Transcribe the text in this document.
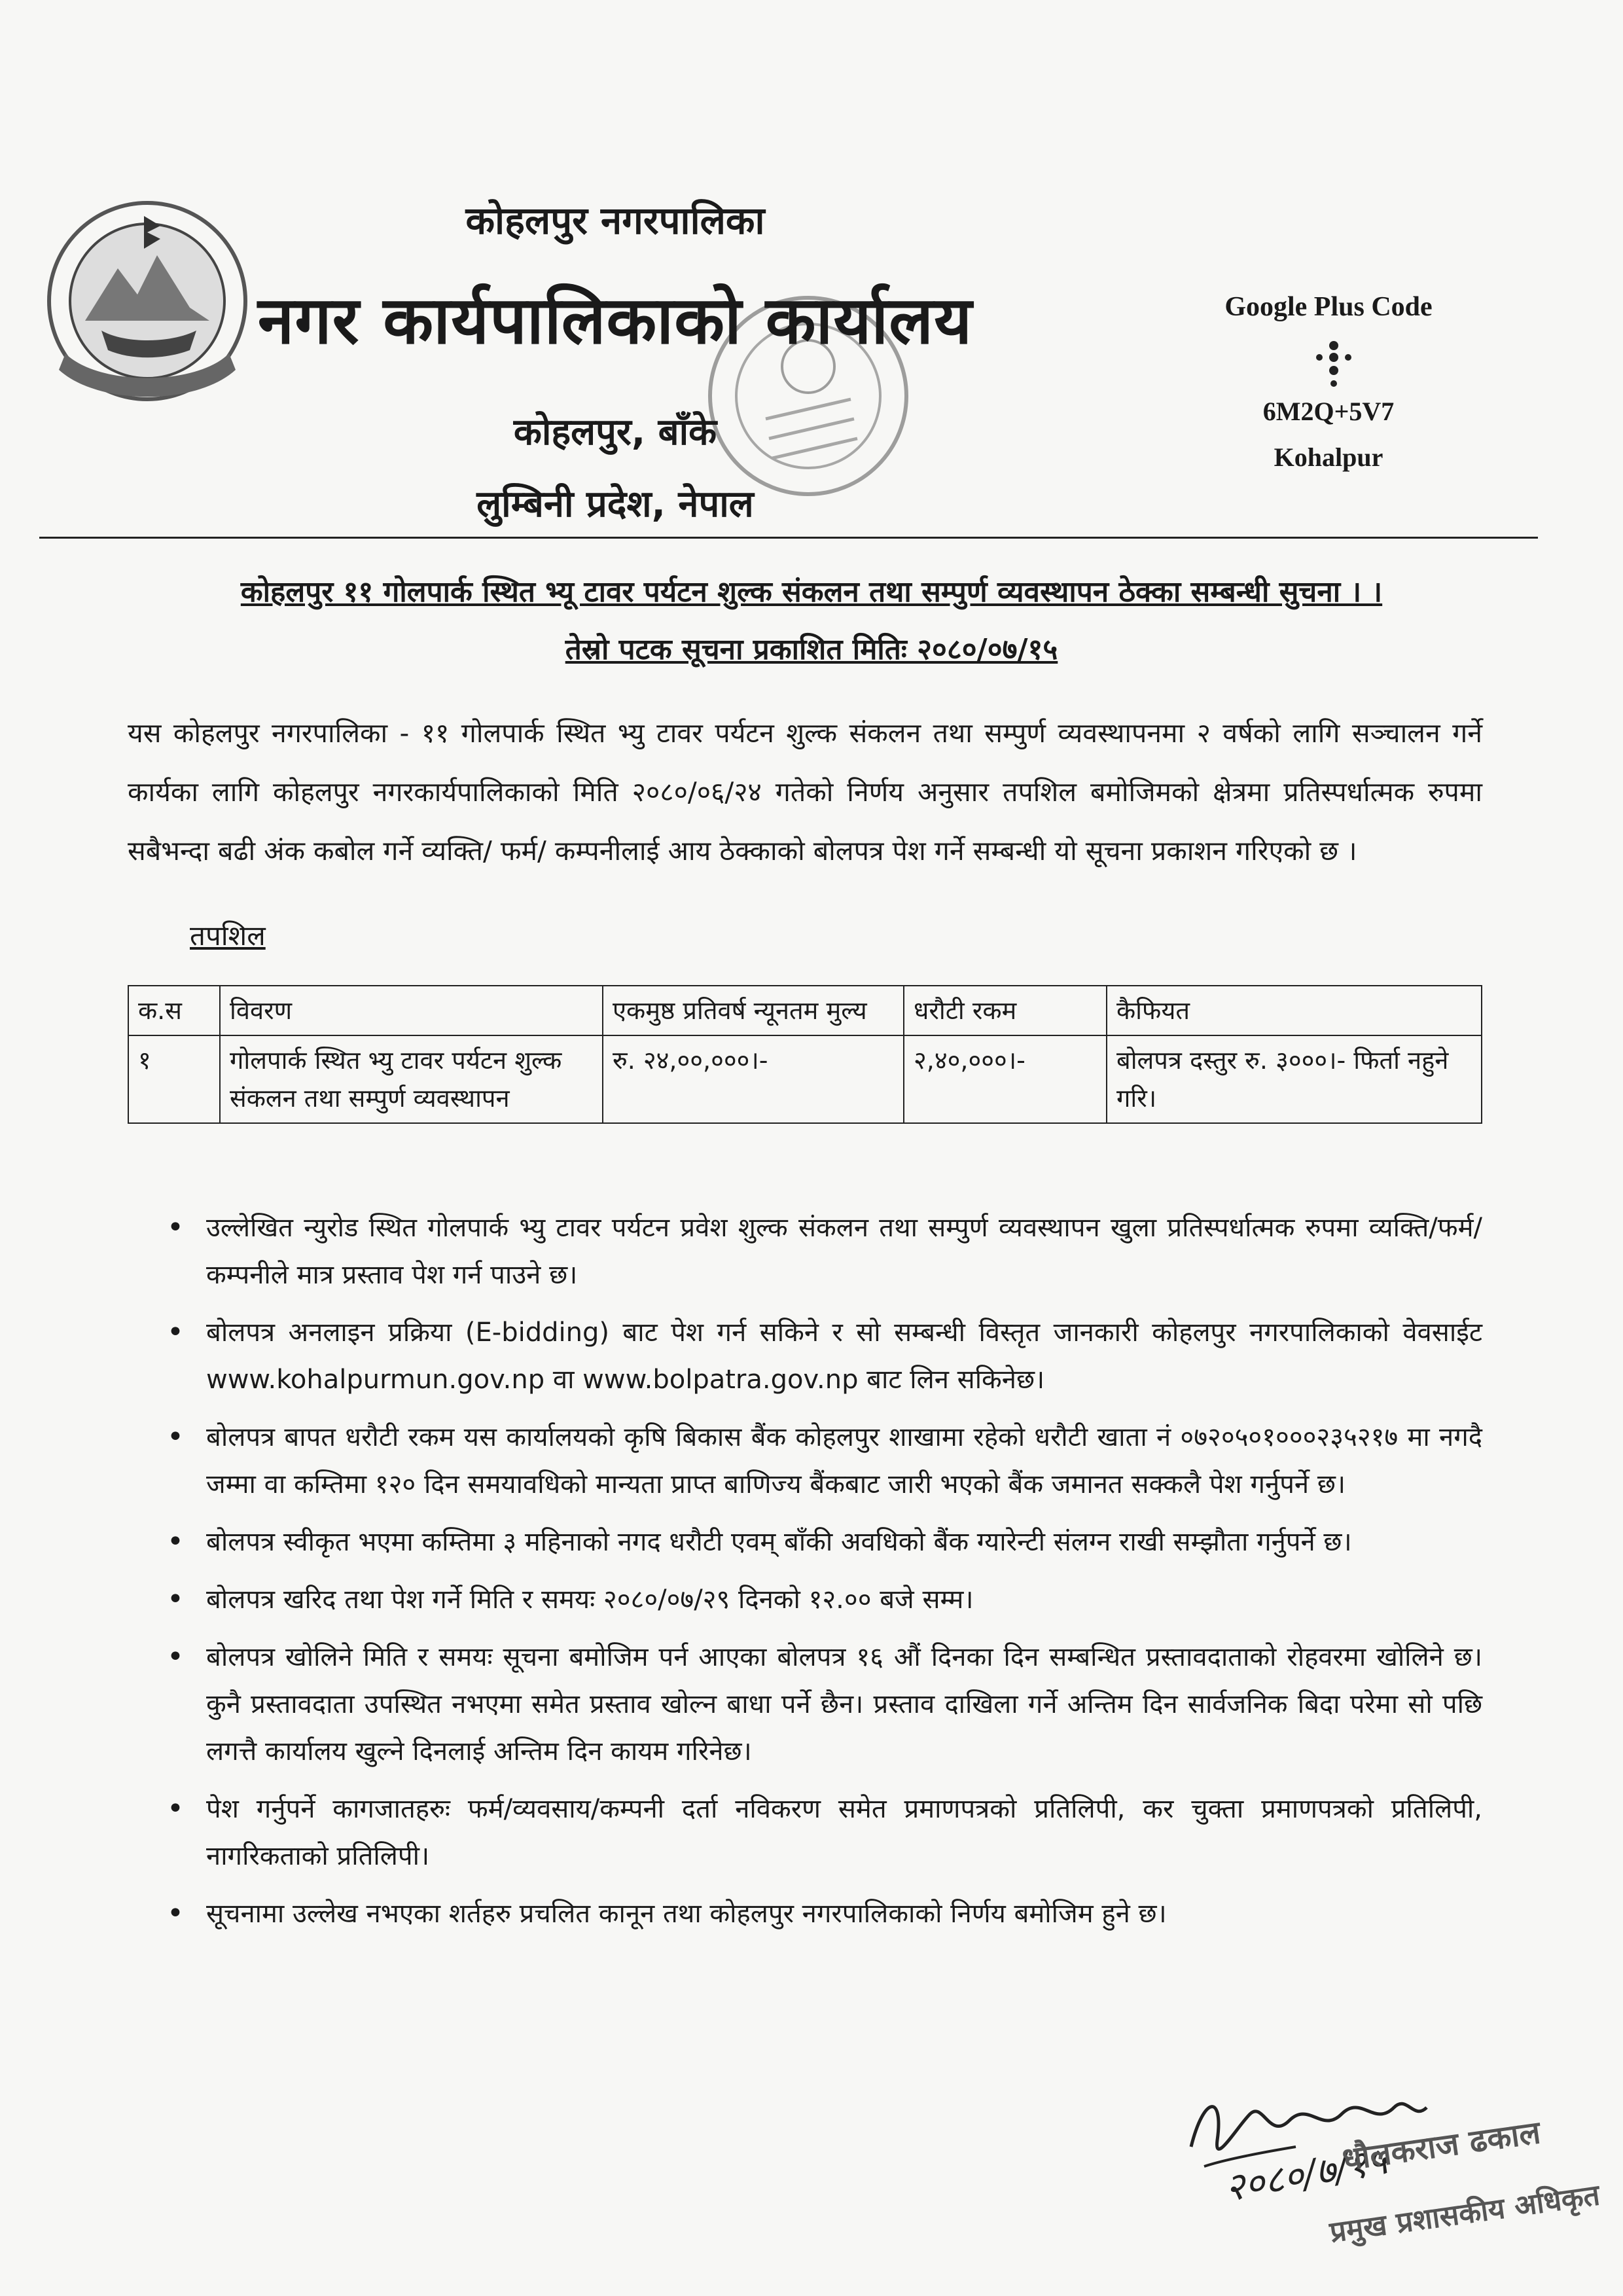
कोहलपुर नगरपालिका
नगर कार्यपालिकाको कार्यालय
कोहलपुर, बाँके
लुम्बिनी प्रदेश, नेपाल
Google Plus Code
6M2Q+5V7
Kohalpur
कोहलपुर ११ गोलपार्क स्थित भ्यू टावर पर्यटन शुल्क संकलन तथा सम्पुर्ण व्यवस्थापन ठेक्का सम्बन्धी सुचना । ।
तेस्रो पटक सूचना प्रकाशित मितिः २०८०/०७/१५
यस कोहलपुर नगरपालिका - ११ गोलपार्क स्थित भ्यु टावर पर्यटन शुल्क संकलन तथा सम्पुर्ण व्यवस्थापनमा २ वर्षको लागि सञ्चालन गर्ने कार्यका लागि कोहलपुर नगरकार्यपालिकाको मिति २०८०/०६/२४ गतेको निर्णय अनुसार तपशिल बमोजिमको क्षेत्रमा प्रतिस्पर्धात्मक रुपमा सबैभन्दा बढी अंक कबोल गर्ने व्यक्ति/ फर्म/ कम्पनीलाई आय ठेक्काको बोलपत्र पेश गर्ने सम्बन्धी यो सूचना प्रकाशन गरिएको छ ।
तपशिल
क.स	विवरण	एकमुष्ठ प्रतिवर्ष न्यूनतम मुल्य	धरौटी रकम	कैफियत
१	गोलपार्क स्थित भ्यु टावर पर्यटन शुल्क संकलन तथा सम्पुर्ण व्यवस्थापन	रु. २४,००,०००।-	२,४०,०००।-	बोलपत्र दस्तुर रु. ३०००।- फिर्ता नहुने गरि।
• उल्लेखित न्युरोड स्थित गोलपार्क भ्यु टावर पर्यटन प्रवेश शुल्क संकलन तथा सम्पुर्ण व्यवस्थापन खुला प्रतिस्पर्धात्मक रुपमा व्यक्ति/फर्म/कम्पनीले मात्र प्रस्ताव पेश गर्न पाउने छ।
• बोलपत्र अनलाइन प्रक्रिया (E-bidding) बाट पेश गर्न सकिने र सो सम्बन्धी विस्तृत जानकारी कोहलपुर नगरपालिकाको वेवसाईट www.kohalpurmun.gov.np वा www.bolpatra.gov.np बाट लिन सकिनेछ।
• बोलपत्र बापत धरौटी रकम यस कार्यालयको कृषि बिकास बैंक कोहलपुर शाखामा रहेको धरौटी खाता नं ०७२०५०१०००२३५२१७ मा नगदै जम्मा वा कम्तिमा १२० दिन समयावधिको मान्यता प्राप्त बाणिज्य बैंकबाट जारी भएको बैंक जमानत सक्कलै पेश गर्नुपर्ने छ।
• बोलपत्र स्वीकृत भएमा कम्तिमा ३ महिनाको नगद धरौटी एवम् बाँकी अवधिको बैंक ग्यारेन्टी संलग्न राखी सम्झौता गर्नुपर्ने छ।
• बोलपत्र खरिद तथा पेश गर्ने मिति र समयः २०८०/०७/२९ दिनको १२.०० बजे सम्म।
• बोलपत्र खोलिने मिति र समयः सूचना बमोजिम पर्न आएका बोलपत्र १६ औं दिनका दिन सम्बन्धित प्रस्तावदाताको रोहवरमा खोलिने छ। कुनै प्रस्तावदाता उपस्थित नभएमा समेत प्रस्ताव खोल्न बाधा पर्ने छैन। प्रस्ताव दाखिला गर्ने अन्तिम दिन सार्वजनिक बिदा परेमा सो पछि लगत्तै कार्यालय खुल्ने दिनलाई अन्तिम दिन कायम गरिनेछ।
• पेश गर्नुपर्ने कागजातहरुः फर्म/व्यवसाय/कम्पनी दर्ता नविकरण समेत प्रमाणपत्रको प्रतिलिपी, कर चुक्ता प्रमाणपत्रको प्रतिलिपी, नागरिकताको प्रतिलिपी।
• सूचनामा उल्लेख नभएका शर्तहरु प्रचलित कानून तथा कोहलपुर नगरपालिकाको निर्णय बमोजिम हुने छ।
२०८०/७/१५
धौलकराज ढकाल
प्रमुख प्रशासकीय अधिकृत
